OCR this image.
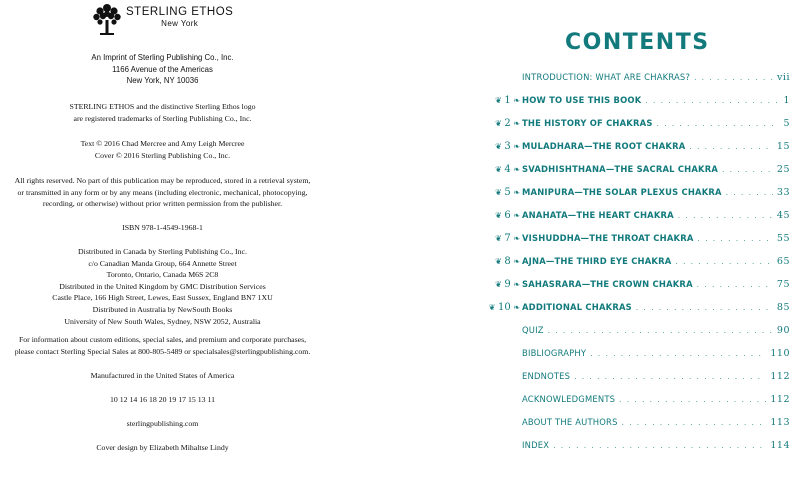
STERLING ETHOS
New York
An Imprint of Sterling Publishing Co., Inc.
1166 Avenue of the Americas
New York, NY 10036

STERLING ETHOS and the distinctive Sterling Ethos logo

are registered trademarks of Sterling Publishing Co., Inc.

Text © 2016 Chad Mercree and Amy Leigh Mercree

Cover © 2016 Sterling Publishing Co., Inc.

All rights reserved. No part of this publication may be reproduced, stored in a retrieval system,

or transmitted in any form or by any means (including electronic, mechanical, photocopying,

recording, or otherwise) without prior written permission from the publisher.

ISBN 978-1-4549-1968-1

Distributed in Canada by Sterling Publishing Co., Inc.

c/o Canadian Manda Group, 664 Annette Street

Toronto, Ontario, Canada M6S 2C8

Distributed in the United Kingdom by GMC Distribution Services

Castle Place, 166 High Street, Lewes, East Sussex, England BN7 1XU

Distributed in Australia by NewSouth Books

University of New South Wales, Sydney, NSW 2052, Australia

For information about custom editions, special sales, and premium and corporate purchases,

please contact Sterling Special Sales at 800-805-5489 or specialsales@sterlingpublishing.com.

Manufactured in the United States of America
10 12 14 16 18 20 19 17 15 13 11
sterlingpublishing.com
Cover design by Elizabeth Mihaltse Lindy
CONTENTS
INTRODUCTION: WHAT ARE CHAKRAS? . . .	vii
❦ 1 ❧ HOW TO USE THIS BOOK . . .	1
❦ 2 ❧ THE HISTORY OF CHAKRAS . . .	5
❦ 3 ❧ MULADHARA—THE ROOT CHAKRA . . .	15
❦ 4 ❧ SVADHISHTHANA—THE SACRAL CHAKRA . . .	25
❦ 5 ❧ MANIPURA—THE SOLAR PLEXUS CHAKRA . . .	33
❦ 6 ❧ ANAHATA—THE HEART CHAKRA . . .	45
❦ 7 ❧ VISHUDDHA—THE THROAT CHAKRA . . .	55
❦ 8 ❧ AJNA—THE THIRD EYE CHAKRA . . .	65
❦ 9 ❧ SAHASRARA—THE CROWN CHAKRA . . .	75
❦ 10 ❧ ADDITIONAL CHAKRAS . . .	85
QUIZ . . .	90
BIBLIOGRAPHY . . .	110
ENDNOTES . . .	112
ACKNOWLEDGMENTS . . .	112
ABOUT THE AUTHORS . . .	113
INDEX . . .	114
